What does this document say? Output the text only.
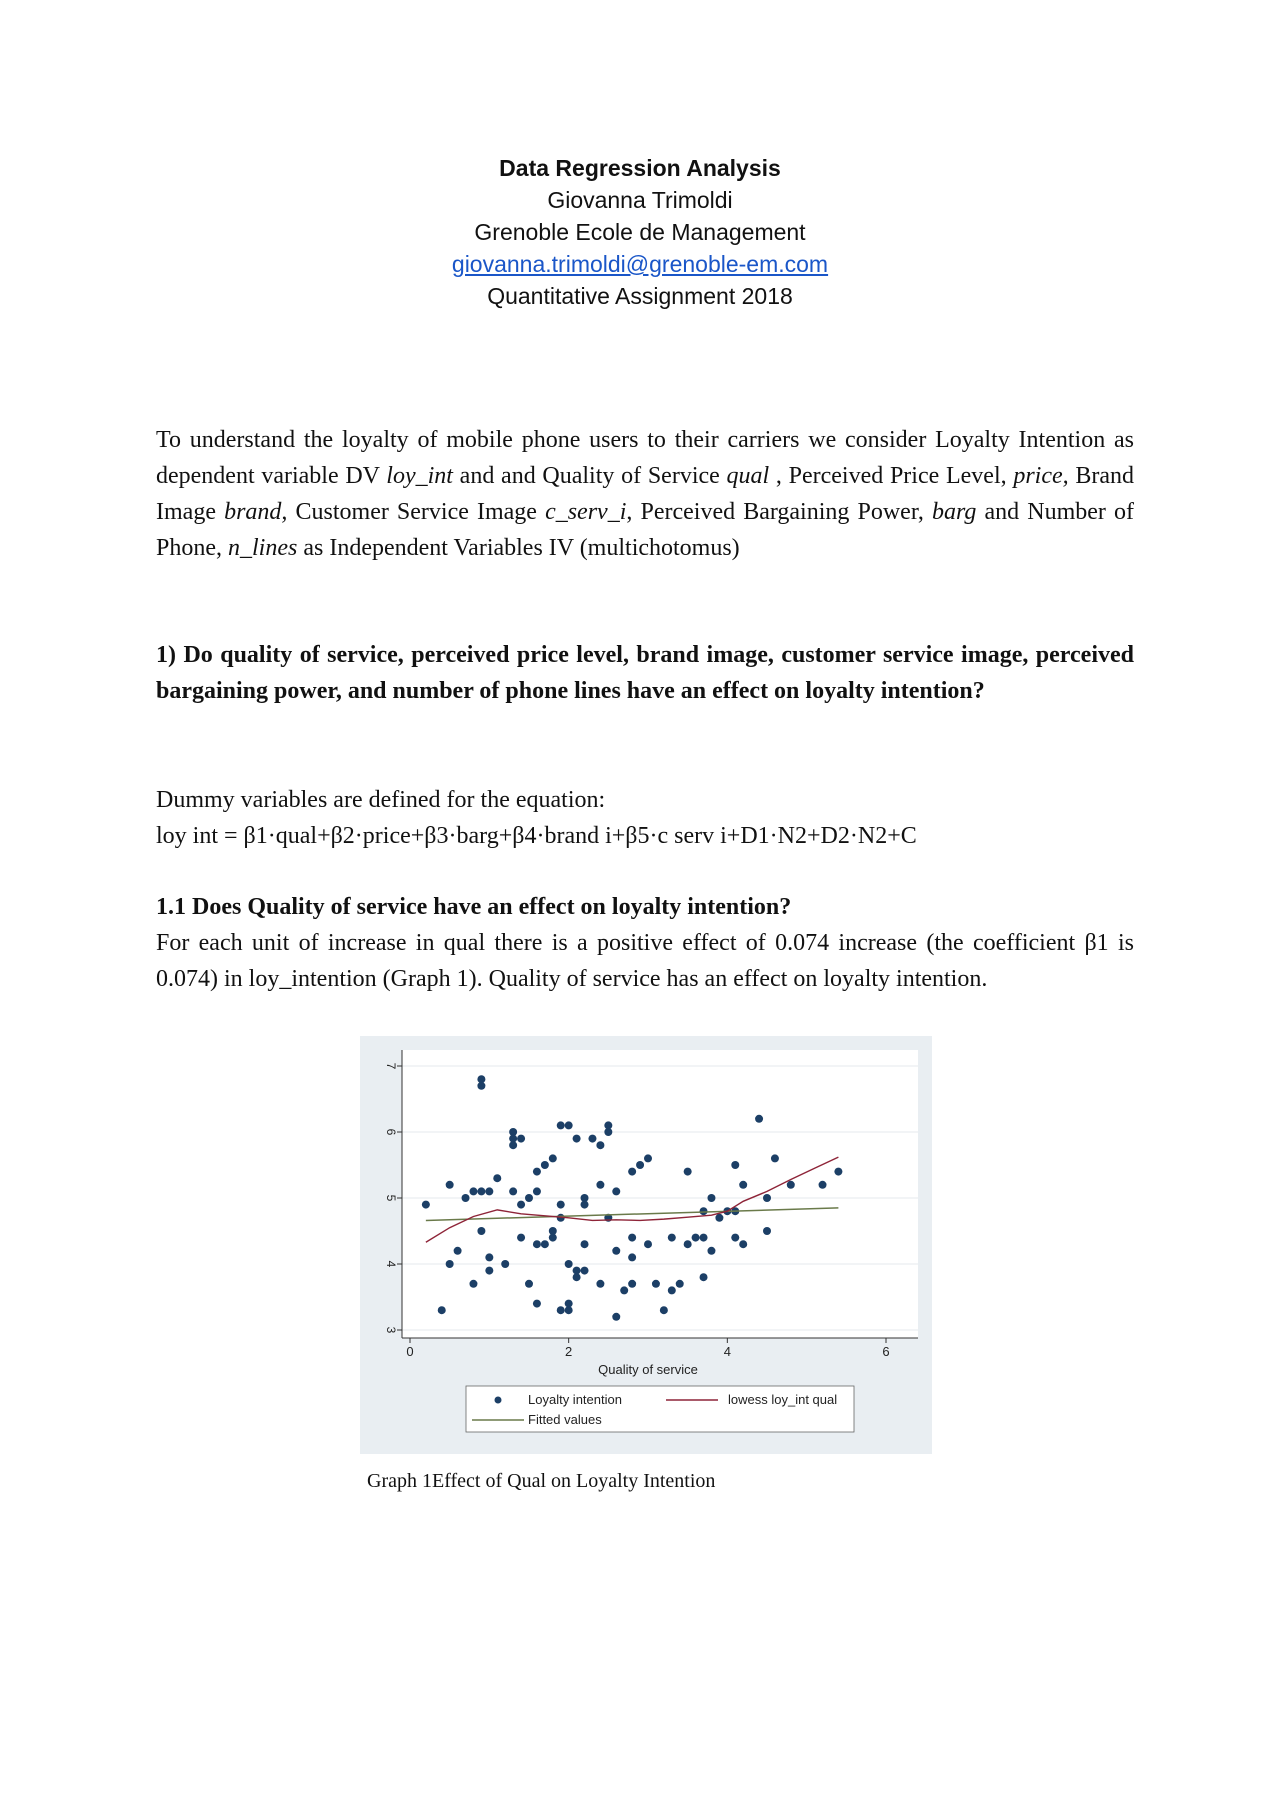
Data Regression Analysis
Giovanna Trimoldi
Grenoble Ecole de Management
giovanna.trimoldi@grenoble-em.com
Quantitative Assignment 2018
To understand the loyalty of mobile phone users to their carriers we consider Loyalty Intention as dependent variable DV loy_int and and Quality of Service qual , Perceived Price Level, price, Brand Image brand, Customer Service Image c_serv_i, Perceived Bargaining Power, barg and Number of Phone, n_lines as Independent Variables IV (multichotomus)
1) Do quality of service, perceived price level, brand image, customer service image, perceived bargaining power, and number of phone lines have an effect on loyalty intention?
Dummy variables are defined for the equation:
loy int = β1·qual+β2·price+β3·barg+β4·brand i+β5·c serv i+D1·N2+D2·N2+C
1.1 Does Quality of service have an effect on loyalty intention?
For each unit of increase in qual there is a positive effect of 0.074 increase (the coefficient β1 is 0.074) in loy_intention (Graph 1). Quality of service has an effect on loyalty intention.
3
4
5
6
7
0	2	4	6
Quality of service
Loyalty intention	lowess loy_int qual
Fitted values
Graph 1Effect of Qual on Loyalty Intention
